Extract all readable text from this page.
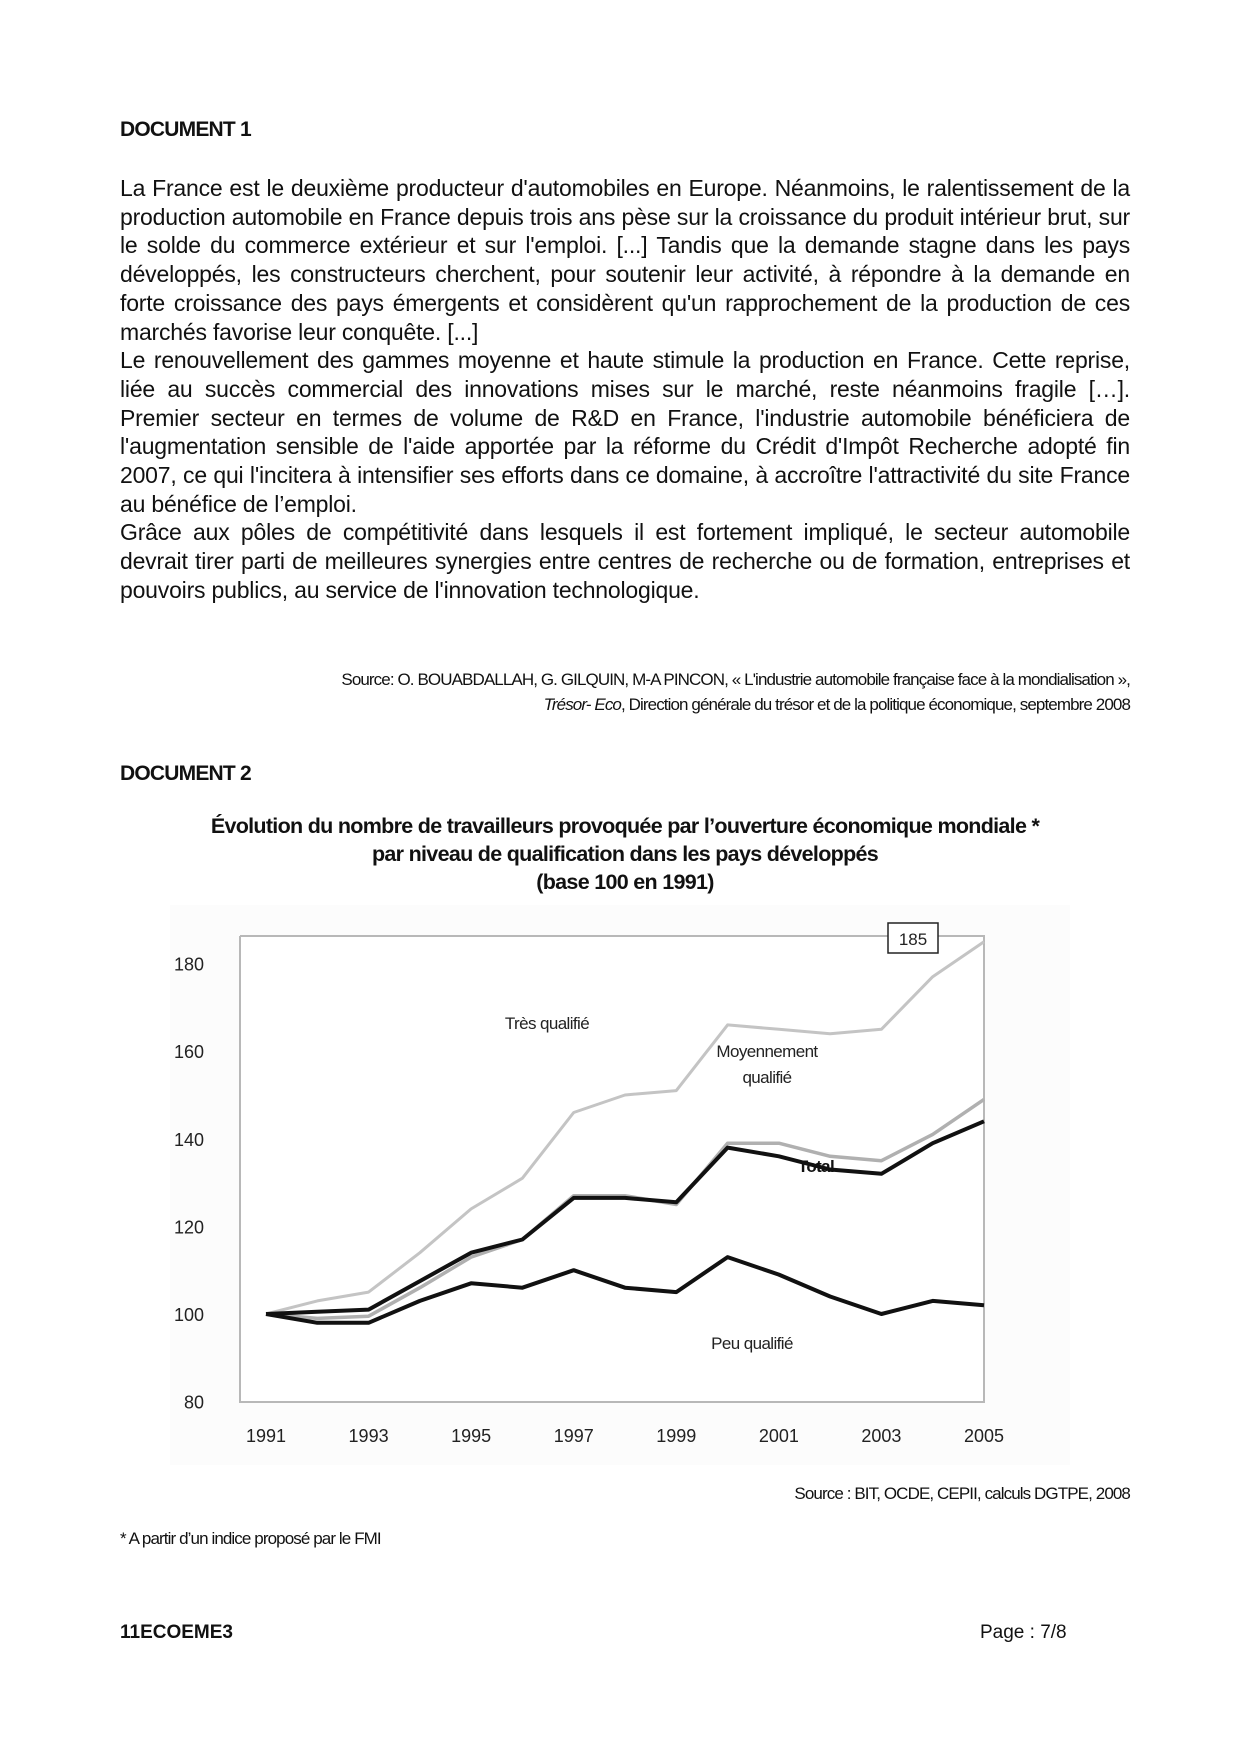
DOCUMENT 1

La France est le deuxième producteur d'automobiles en Europe. Néanmoins, le ralentissement de la production automobile en France depuis trois ans pèse sur la croissance du produit intérieur brut, sur le solde du commerce extérieur et sur l'emploi. [...] Tandis que la demande stagne dans les pays développés, les constructeurs cherchent, pour soutenir leur activité, à répondre à la demande en forte croissance des pays émergents et considèrent qu'un rapprochement de la production de ces marchés favorise leur conquête. [...]

Le renouvellement des gammes moyenne et haute stimule la production en France. Cette reprise, liée au succès commercial des innovations mises sur le marché, reste néanmoins fragile […]. Premier secteur en termes de volume de R&D en France, l'industrie automobile bénéficiera de l'augmentation sensible de l'aide apportée par la réforme du Crédit d'Impôt Recherche adopté fin 2007, ce qui l'incitera à intensifier ses efforts dans ce domaine, à accroître l'attractivité du site France au bénéfice de l’emploi.

Grâce aux pôles de compétitivité dans lesquels il est fortement impliqué, le secteur automobile devrait tirer parti de meilleures synergies entre centres de recherche ou de formation, entreprises et pouvoirs publics, au service de l'innovation technologique.

Source: O. BOUABDALLAH, G. GILQUIN, M-A PINCON, « L'industrie automobile française face à la mondialisation »,
Trésor- Eco, Direction générale du trésor et de la politique économique, septembre 2008
DOCUMENT 2
Évolution du nombre de travailleurs provoquée par l’ouverture économique mondiale *
par niveau de qualification dans les pays développés
(base 100 en 1991)
80
100
120
140
160
180
1991	1993	1995	1997	1999	2001	2003	2005
185
Très qualifié
Moyennement
qualifié
Total
Peu qualifié
Source : BIT, OCDE, CEPII, calculs DGTPE, 2008
* A partir d’un indice proposé par le FMI
11ECOEME3	Page : 7/8
